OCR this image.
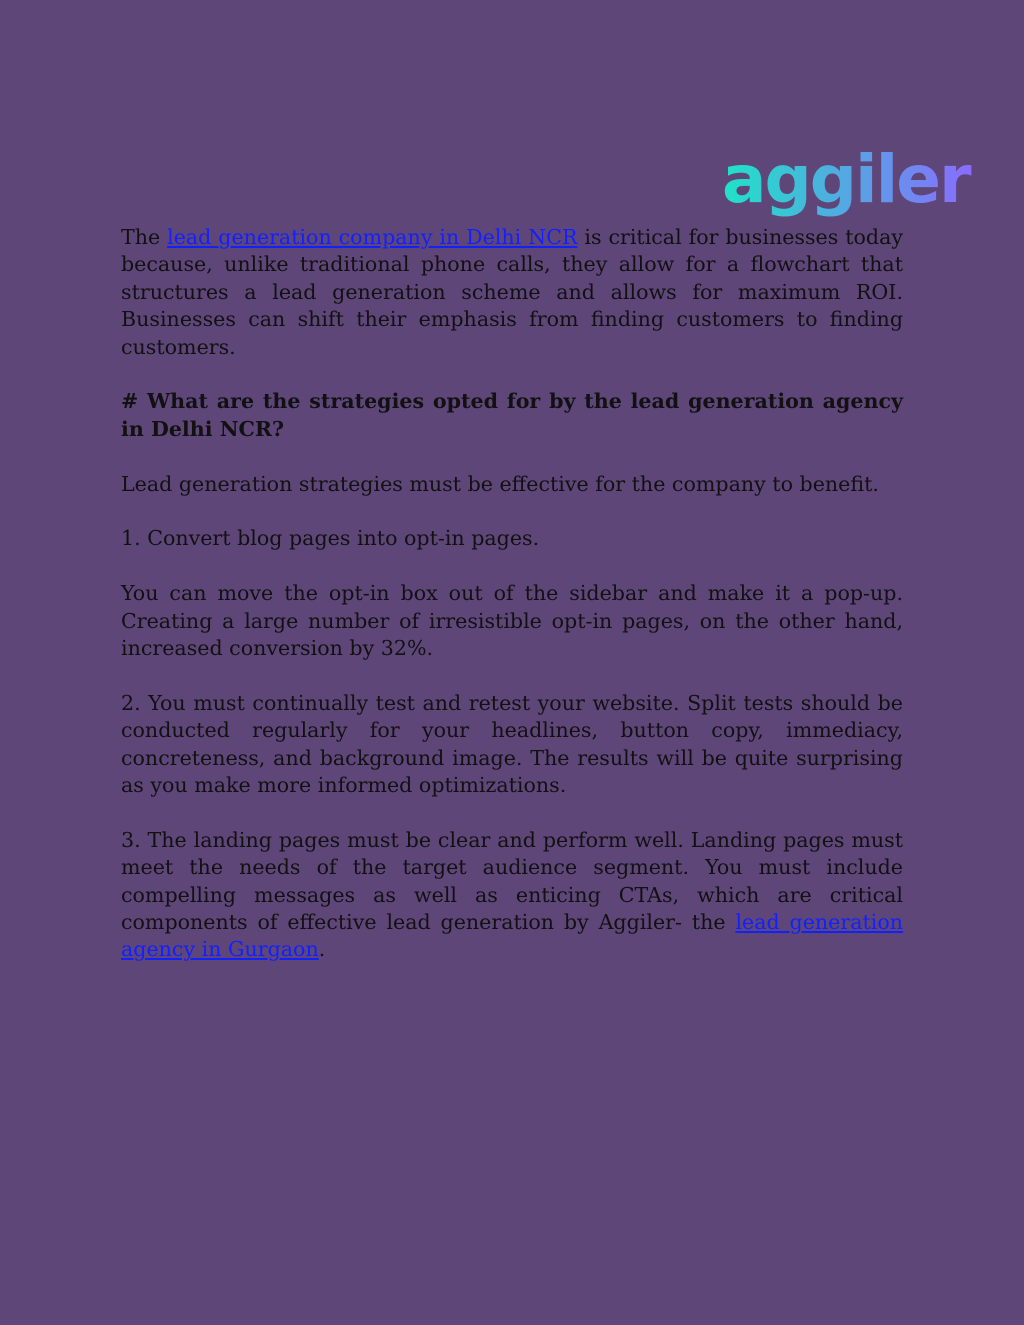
aggiler

The lead generation company in Delhi NCR is critical for businesses today because, unlike traditional phone calls, they allow for a flowchart that structures a lead generation scheme and allows for maximum ROI. Businesses can shift their emphasis from finding customers to finding customers.

# What are the strategies opted for by the lead generation agency in Delhi NCR?

Lead generation strategies must be effective for the company to benefit.

1. Convert blog pages into opt-in pages.

You can move the opt-in box out of the sidebar and make it a pop-up. Creating a large number of irresistible opt-in pages, on the other hand, increased conversion by 32%.

2. You must continually test and retest your website. Split tests should be conducted regularly for your headlines, button copy, immediacy, concreteness, and background image. The results will be quite surprising as you make more informed optimizations.

3. The landing pages must be clear and perform well. Landing pages must meet the needs of the target audience segment. You must include compelling messages as well as enticing CTAs, which are critical components of effective lead generation by Aggiler- the lead generation agency in Gurgaon.
